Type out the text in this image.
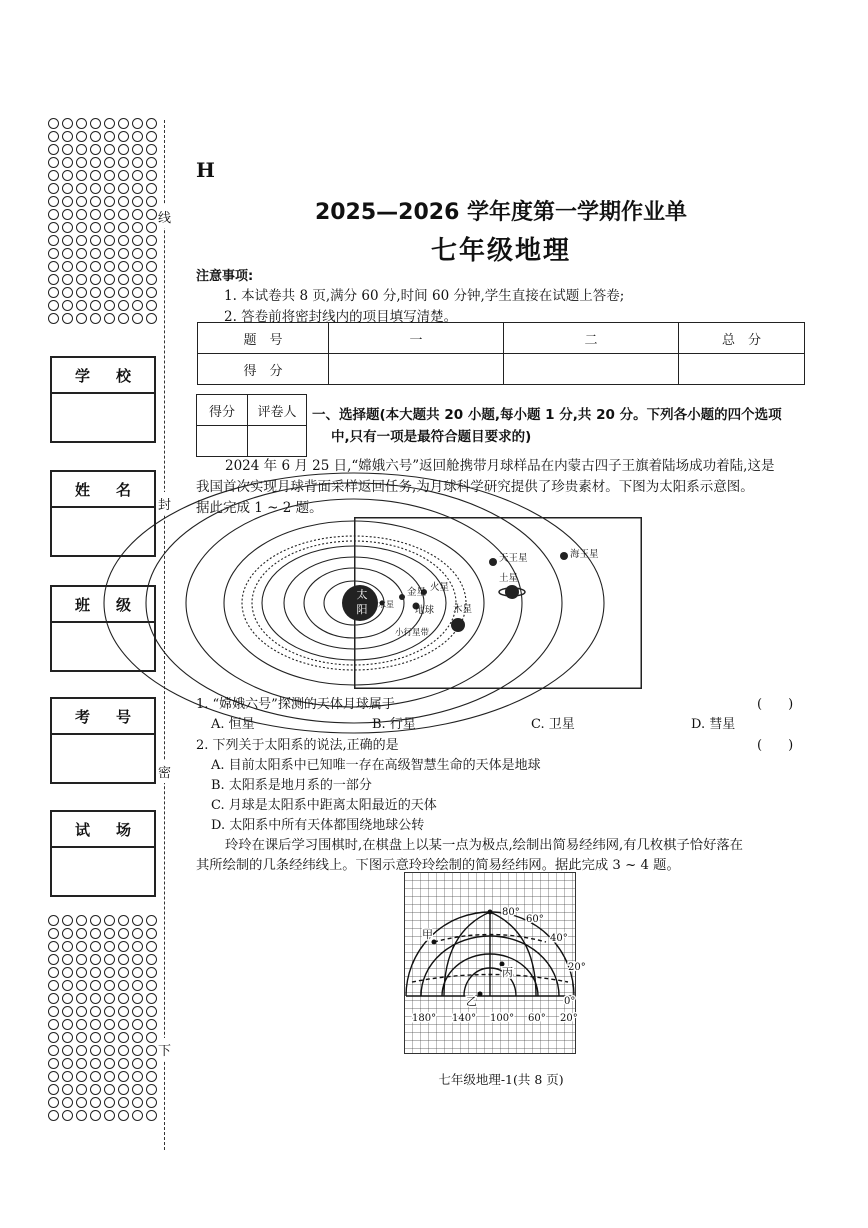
线
封
密
下
学 校
姓 名
班 级
考 号
试 场
H
2025—2026 学年度第一学期作业单
七年级地理
注意事项:
1. 本试卷共 8 页,满分 60 分,时间 60 分钟,学生直接在试题上答卷;
2. 答卷前将密封线内的项目填写清楚。
题　号	一	二	总　分
得　分			
得分	评卷人
	一、选择题(本大题共 20 小题,每小题 1 分,共 20 分。下列各小题的四个选项
中,只有一项是最符合题目要求的)
2024 年 6 月 25 日,“嫦娥六号”返回舱携带月球样品在内蒙古四子王旗着陆场成功着陆,这是
我国首次实现月球背面采样返回任务,为月球科学研究提供了珍贵素材。下图为太阳系示意图。
据此完成 1 ~ 2 题。
太
阳 水星
金星
地球
火星
木星
土星
天王星	海王星
小行星带
1. “嫦娥六号”探测的天体月球属于	(　　)
A. 恒星	B. 行星	C. 卫星	D. 彗星
2. 下列关于太阳系的说法,正确的是	(　　)
A. 目前太阳系中已知唯一存在高级智慧生命的天体是地球
B. 太阳系是地月系的一部分
C. 月球是太阳系中距离太阳最近的天体
D. 太阳系中所有天体都围绕地球公转
玲玲在课后学习围棋时,在棋盘上以某一点为极点,绘制出简易经纬网,有几枚棋子恰好落在
其所绘制的几条经纬线上。下图示意玲玲绘制的简易经纬网。据此完成 3 ~ 4 题。
80°
60°
40°
20°
0°
180° 140° 100° 60° 20°
甲
乙
丙
七年级地理-1(共 8 页)
